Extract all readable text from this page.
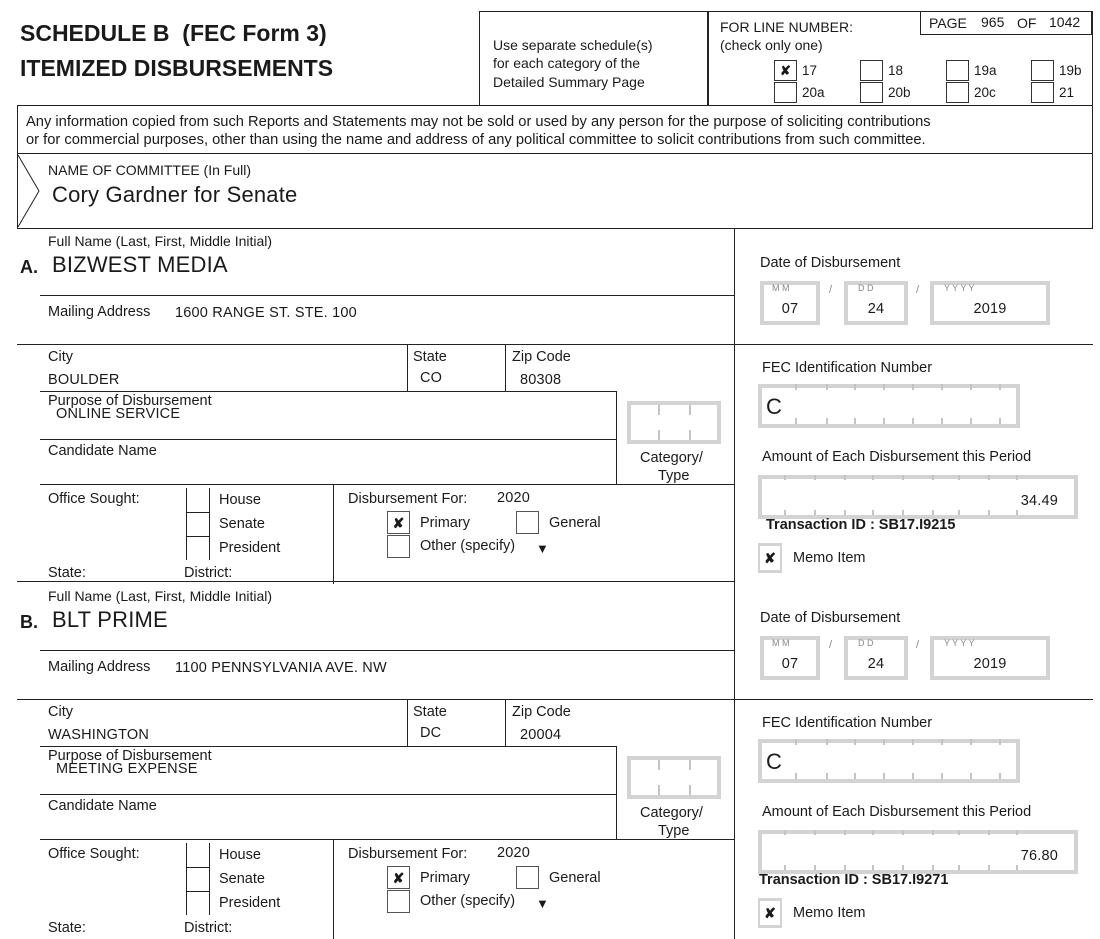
SCHEDULE B  (FEC Form 3)
ITEMIZED DISBURSEMENTS
Use separate schedule(s)
for each category of the
Detailed Summary Page
FOR LINE NUMBER:
(check only one)
PAGE 965 OF 1042
✘ 17	18	19a	19b
20a	20b	20c	21
Any information copied from such Reports and Statements may not be sold or used by any person for the purpose of soliciting contributions
or for commercial purposes, other than using the name and address of any political committee to solicit contributions from such committee.
NAME OF COMMITTEE (In Full)
Cory Gardner for Senate
A.
Full Name (Last, First, Middle Initial)
BIZWEST MEDIA
Mailing Address 1600 RANGE ST. STE. 100
City
BOULDER
State
CO
Zip Code
80308
Purpose of Disbursement
ONLINE SERVICE
Candidate Name	Category/
Type
Office Sought:	House
Senate
President
State:	District:
Disbursement For: 2020
✘	Primary
Other (specify) ▼
General
Date of Disbursement
M M
07
D D
24
Y Y Y Y
2019
/	/
FEC Identification Number
C
Amount of Each Disbursement this Period
34.49
Transaction ID : SB17.I9215
✘ Memo Item
B.
Full Name (Last, First, Middle Initial)
BLT PRIME
Mailing Address 1100 PENNSYLVANIA AVE. NW
City
WASHINGTON
State
DC
Zip Code
20004
Purpose of Disbursement
MEETING EXPENSE
Candidate Name	Category/
Type
Office Sought:	House
Senate
President
State:	District:
Disbursement For: 2020
✘	Primary
Other (specify) ▼
General
Date of Disbursement
M M
07
D D
24
Y Y Y Y
2019
/	/
FEC Identification Number
C
Amount of Each Disbursement this Period
76.80
Transaction ID : SB17.I9271
✘ Memo Item
